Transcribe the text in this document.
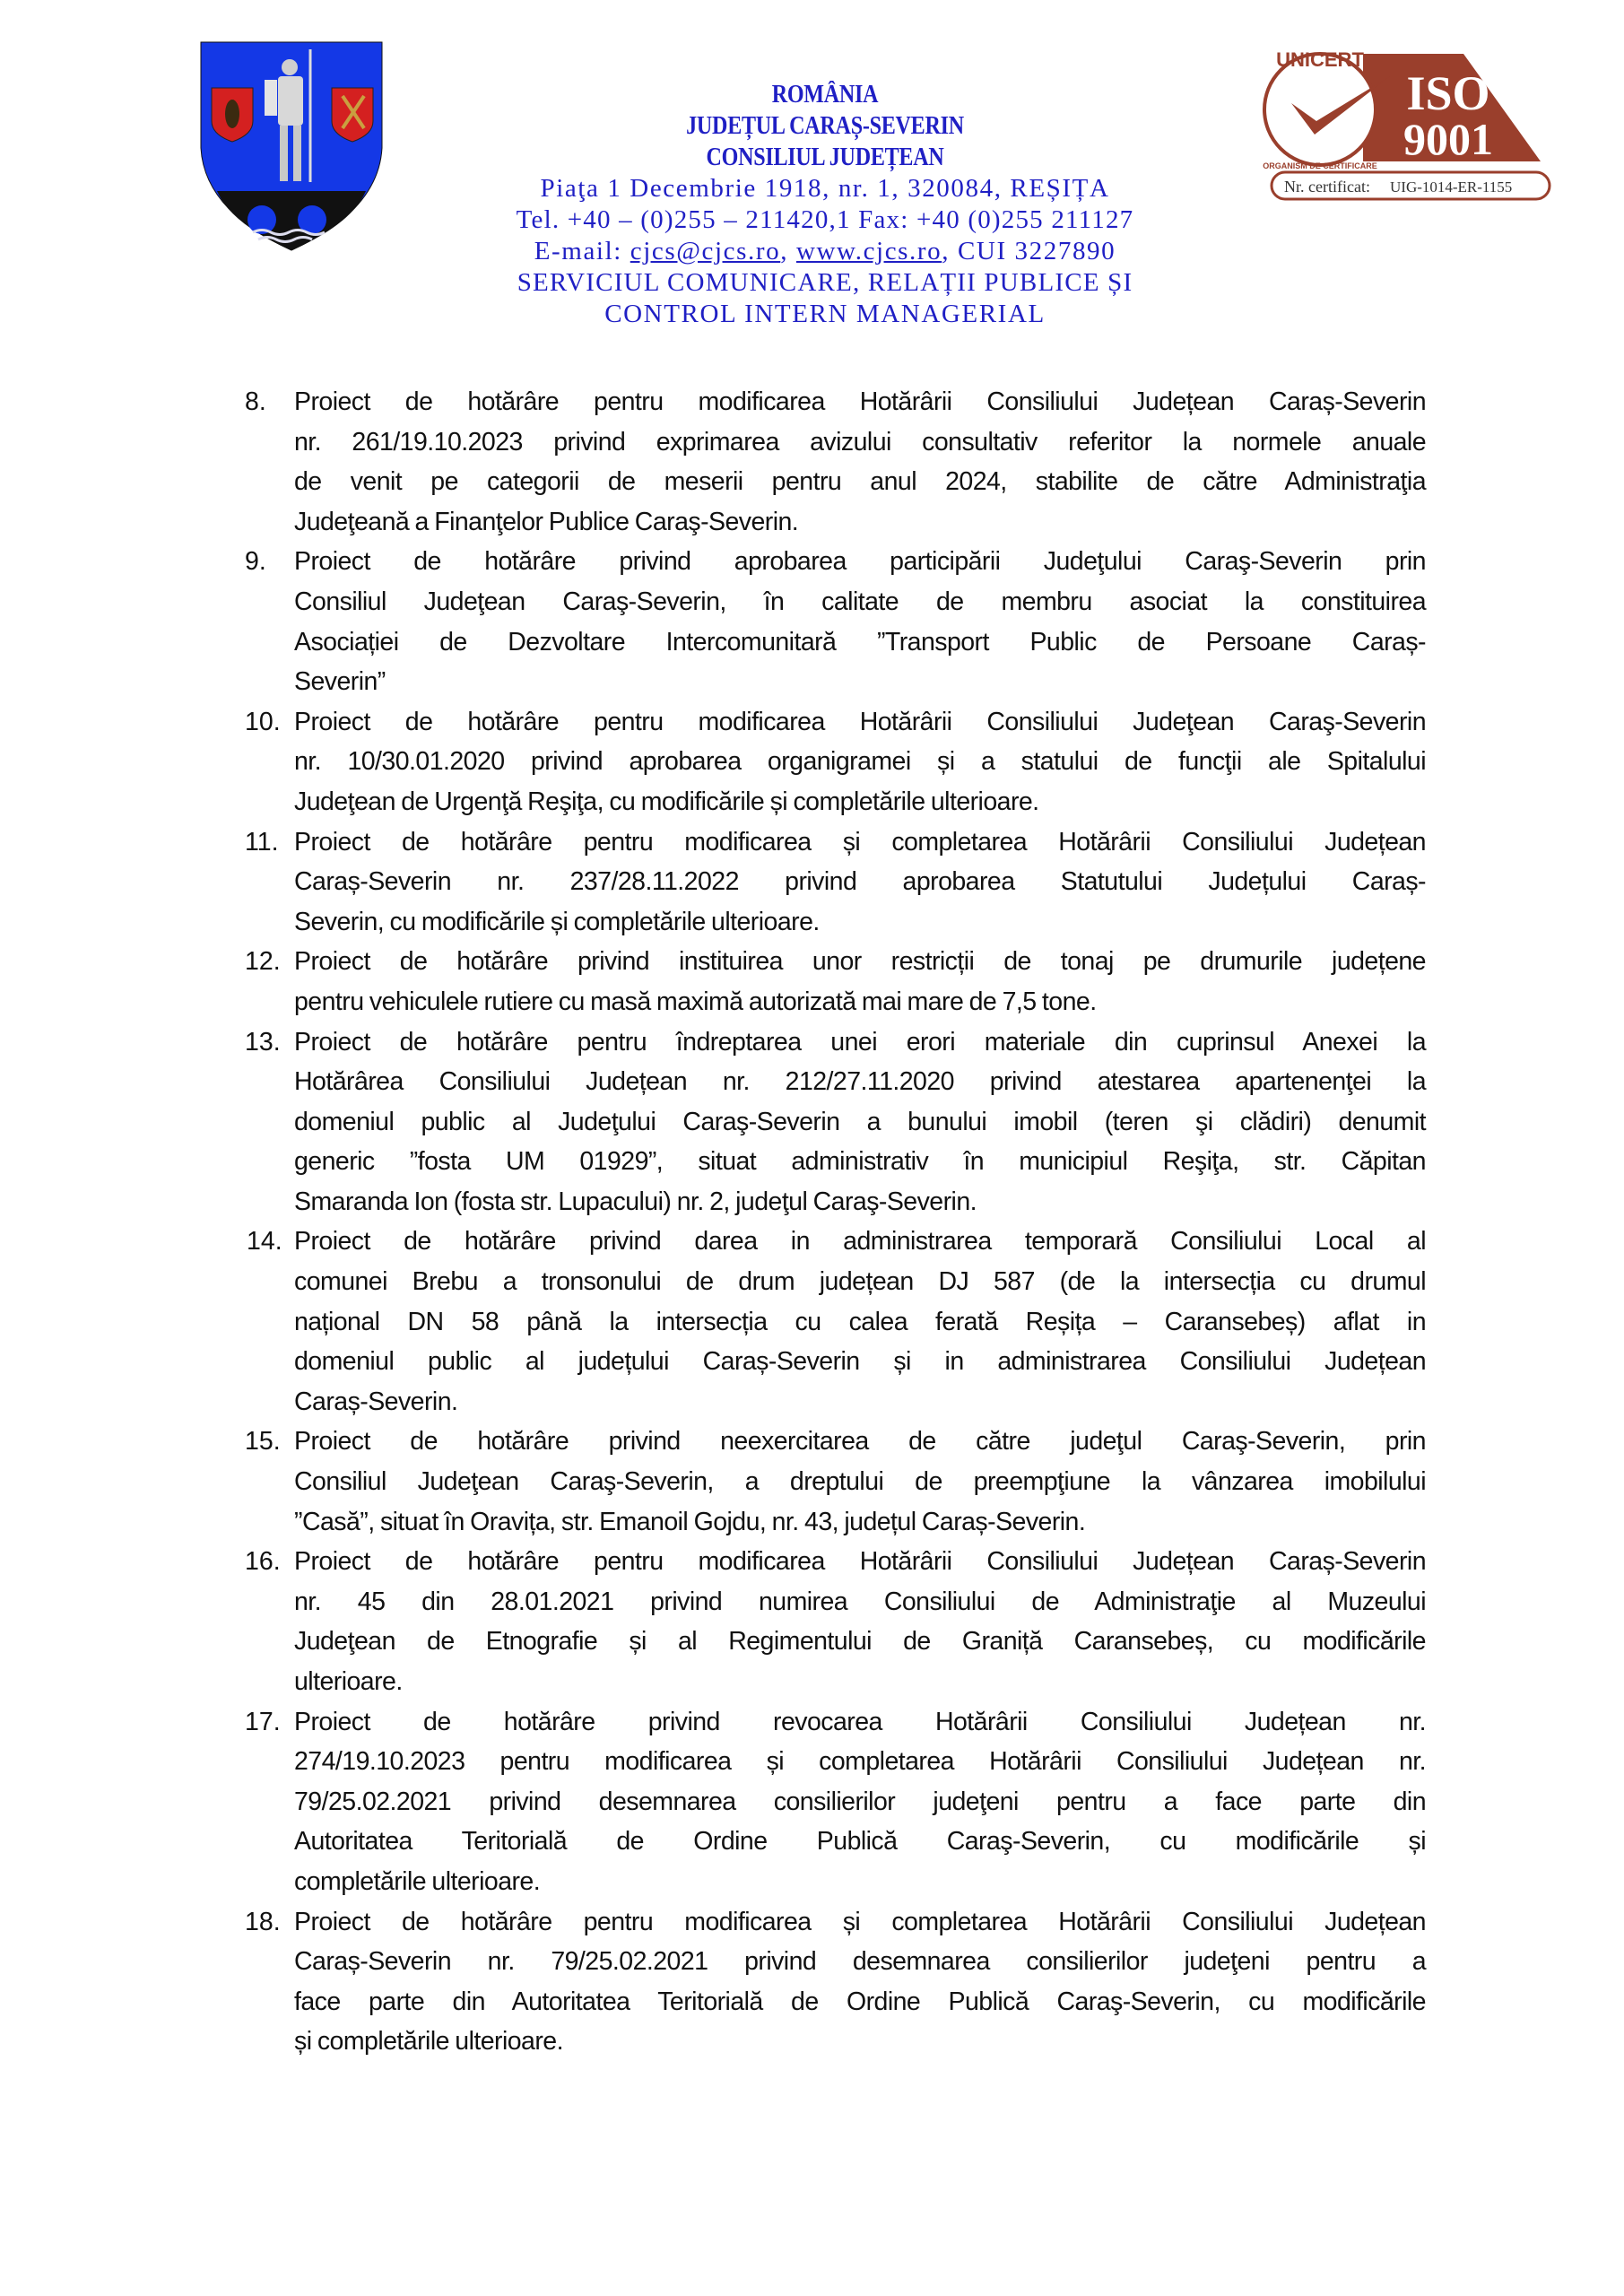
ROMÂNIA
JUDEȚUL CARAȘ-SEVERIN
CONSILIUL JUDEȚEAN
Piaţa 1 Decembrie 1918, nr. 1, 320084, REȘIȚA
Tel. +40 – (0)255 – 211420,1 Fax: +40 (0)255 211127
E-mail: cjcs@cjcs.ro, www.cjcs.ro, CUI 3227890
SERVICIUL COMUNICARE, RELAȚII PUBLICE ȘI
CONTROL INTERN MANAGERIAL
UNICERT
ORGANISM DE CERTIFICARE
ISO
9001
Nr. certificat: UIG-1014-ER-1155
8. Proiect de hotărâre pentru modificarea Hotărârii Consiliului Județean Caraș-Severin
nr. 261/19.10.2023 privind exprimarea avizului consultativ referitor la normele anuale
de venit pe categorii de meserii pentru anul 2024, stabilite de către Administraţia
Judeţeană a Finanţelor Publice Caraş-Severin.
9. Proiect de hotărâre privind aprobarea participării Judeţului Caraş-Severin prin
Consiliul Judeţean Caraş-Severin, în calitate de membru asociat la constituirea
Asociației de Dezvoltare Intercomunitară ”Transport Public de Persoane Caraș-
Severin”
10. Proiect de hotărâre pentru modificarea Hotărârii Consiliului Judeţean Caraş-Severin
nr. 10/30.01.2020 privind aprobarea organigramei și a statului de funcţii ale Spitalului
Judeţean de Urgenţă Reşiţa, cu modificările și completările ulterioare.
11. Proiect de hotărâre pentru modificarea și completarea Hotărârii Consiliului Județean
Caraș-Severin nr. 237/28.11.2022 privind aprobarea Statutului Județului Caraș-
Severin, cu modificările și completările ulterioare.
12. Proiect de hotărâre privind instituirea unor restricții de tonaj pe drumurile județene
pentru vehiculele rutiere cu masă maximă autorizată mai mare de 7,5 tone.
13. Proiect de hotărâre pentru îndreptarea unei erori materiale din cuprinsul Anexei la
Hotărârea Consiliului Județean nr. 212/27.11.2020 privind atestarea apartenenţei la
domeniul public al Judeţului Caraş-Severin a bunului imobil (teren şi clădiri) denumit
generic ”fosta UM 01929”, situat administrativ în municipiul Reşiţa, str. Căpitan
Smaranda Ion (fosta str. Lupacului) nr. 2, judeţul Caraş-Severin.
14. Proiect de hotărâre privind darea in administrarea temporară Consiliului Local al
comunei Brebu a tronsonului de drum județean DJ 587 (de la intersecția cu drumul
național DN 58 până la intersecția cu calea ferată Reșița – Caransebeș) aflat in
domeniul public al județului Caraș-Severin și in administrarea Consiliului Județean
Caraș-Severin.
15. Proiect de hotărâre privind neexercitarea de către judeţul Caraş-Severin, prin
Consiliul Judeţean Caraş-Severin, a dreptului de preempţiune la vânzarea imobilului
”Casă”, situat în Oravița, str. Emanoil Gojdu, nr. 43, județul Caraș-Severin.
16. Proiect de hotărâre pentru modificarea Hotărârii Consiliului Județean Caraș-Severin
nr. 45 din 28.01.2021 privind numirea Consiliului de Administraţie al Muzeului
Judeţean de Etnografie și al Regimentului de Graniță Caransebeș, cu modificările
ulterioare.
17. Proiect de hotărâre privind revocarea Hotărârii Consiliului Județean nr.
274/19.10.2023 pentru modificarea și completarea Hotărârii Consiliului Județean nr.
79/25.02.2021 privind desemnarea consilierilor judeţeni pentru a face parte din
Autoritatea Teritorială de Ordine Publică Caraş-Severin, cu modificările și
completările ulterioare.
18. Proiect de hotărâre pentru modificarea și completarea Hotărârii Consiliului Județean
Caraș-Severin nr. 79/25.02.2021 privind desemnarea consilierilor judeţeni pentru a
face parte din Autoritatea Teritorială de Ordine Publică Caraş-Severin, cu modificările
și completările ulterioare.
